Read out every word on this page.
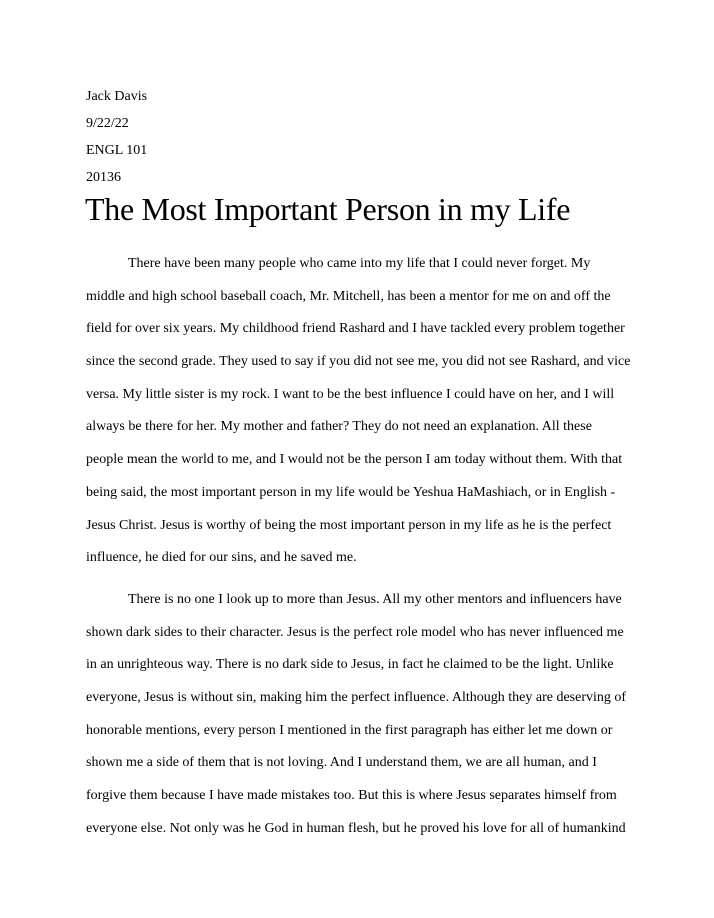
Jack Davis
9/22/22
ENGL 101
20136
The Most Important Person in my Life
There have been many people who came into my life that I could never forget. My
middle and high school baseball coach, Mr. Mitchell, has been a mentor for me on and off the
field for over six years. My childhood friend Rashard and I have tackled every problem together
since the second grade. They used to say if you did not see me, you did not see Rashard, and vice
versa. My little sister is my rock. I want to be the best influence I could have on her, and I will
always be there for her. My mother and father? They do not need an explanation. All these
people mean the world to me, and I would not be the person I am today without them. With that
being said, the most important person in my life would be Yeshua HaMashiach, or in English -
Jesus Christ. Jesus is worthy of being the most important person in my life as he is the perfect
influence, he died for our sins, and he saved me.
There is no one I look up to more than Jesus. All my other mentors and influencers have
shown dark sides to their character. Jesus is the perfect role model who has never influenced me
in an unrighteous way. There is no dark side to Jesus, in fact he claimed to be the light. Unlike
everyone, Jesus is without sin, making him the perfect influence. Although they are deserving of
honorable mentions, every person I mentioned in the first paragraph has either let me down or
shown me a side of them that is not loving. And I understand them, we are all human, and I
forgive them because I have made mistakes too. But this is where Jesus separates himself from
everyone else. Not only was he God in human flesh, but he proved his love for all of humankind
